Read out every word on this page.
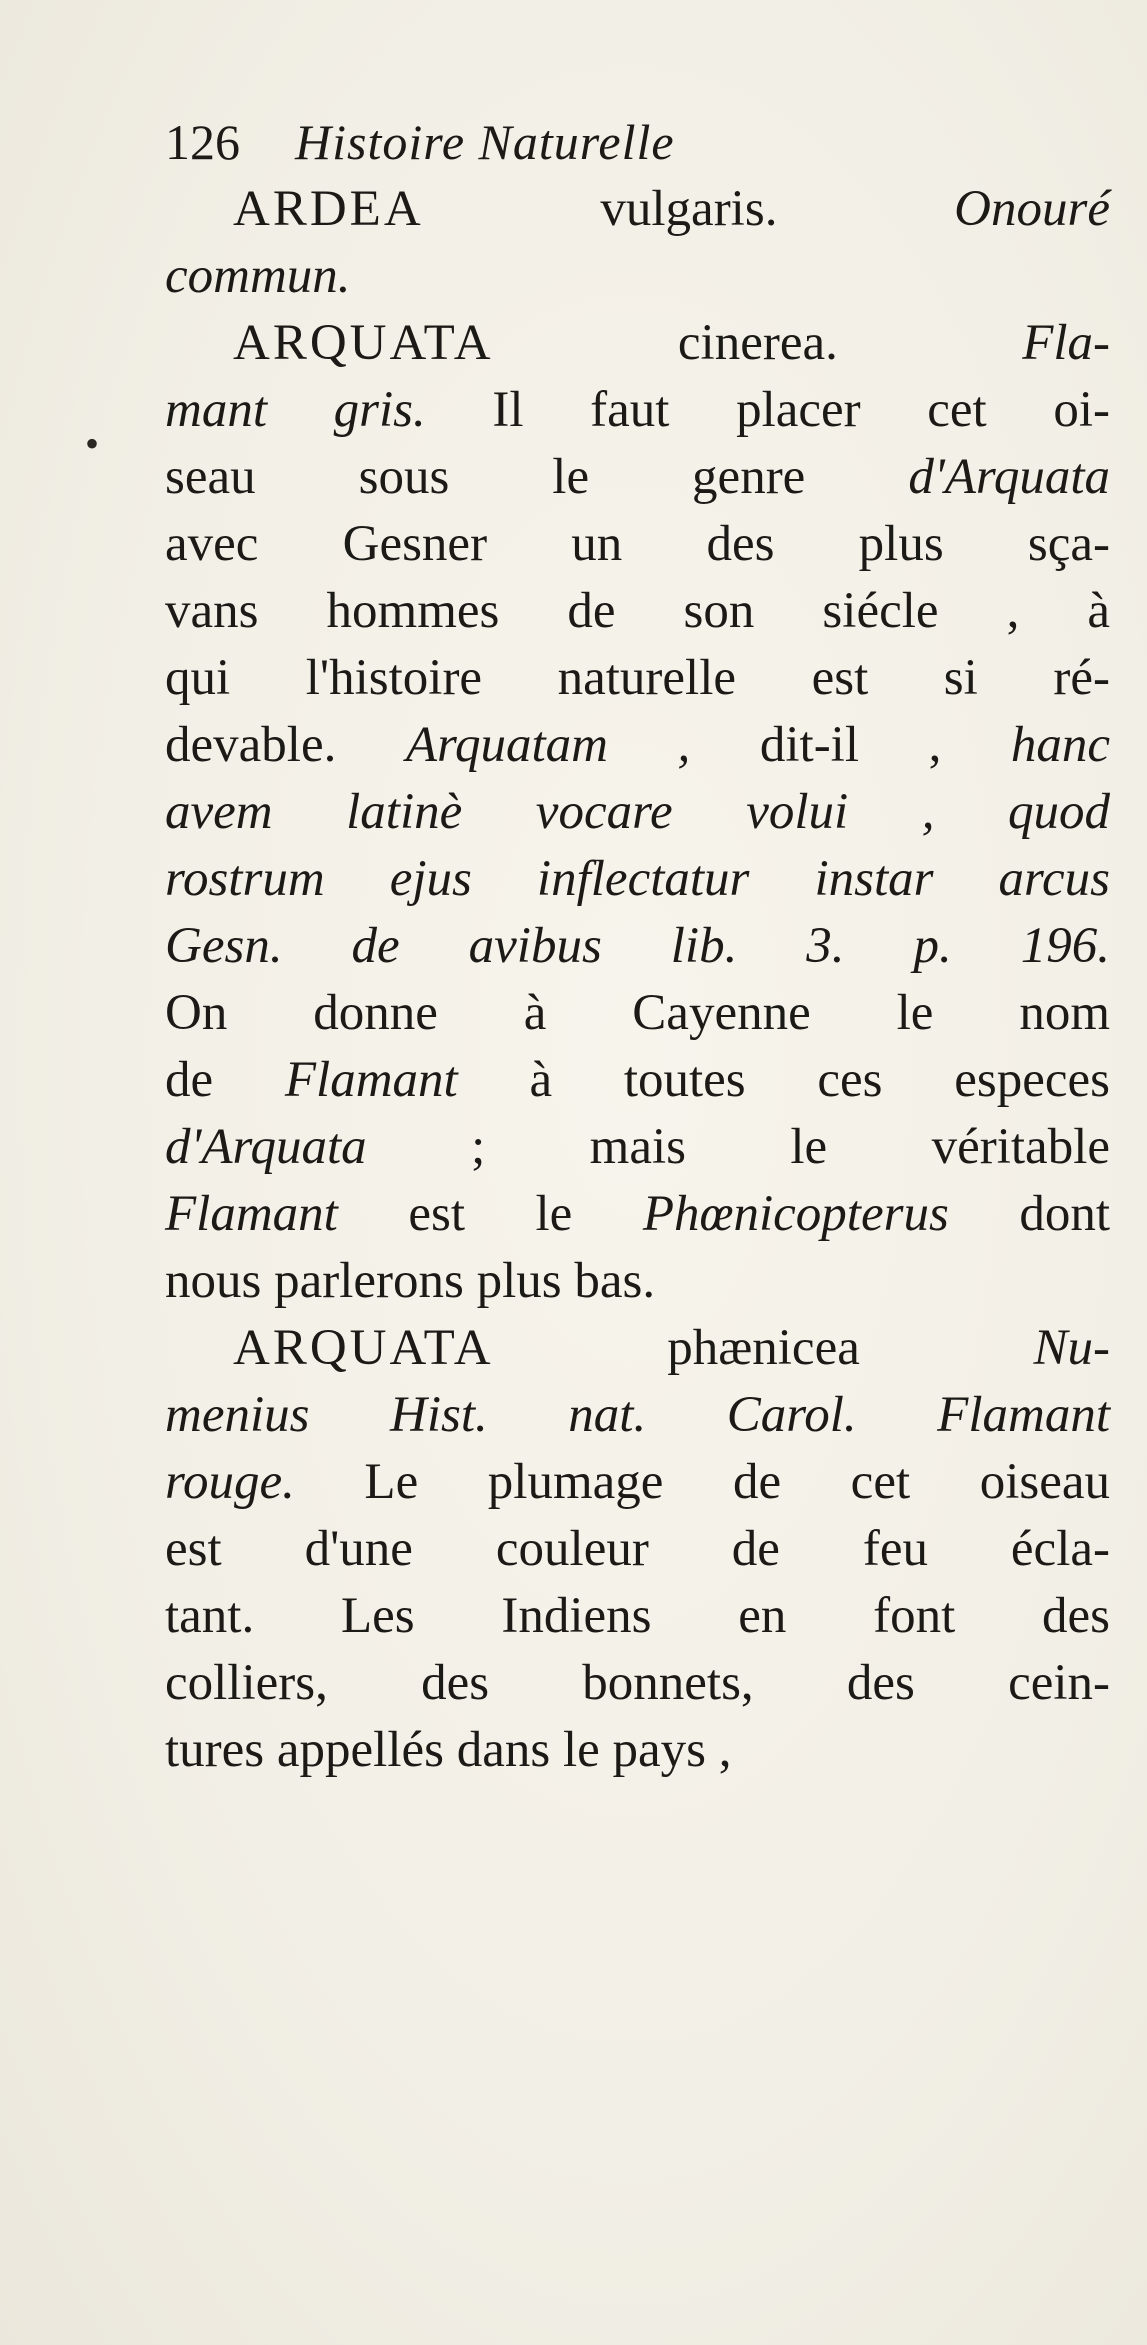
•
126 Histoire Naturelle
ARDEA vulgaris. Onouré
commun.
ARQUATA cinerea. Fla-
mant gris. Il faut placer cet oi-
seau sous le genre d'Arquata
avec Gesner un des plus sça-
vans hommes de son siécle , à
qui l'histoire naturelle est si ré-
devable. Arquatam , dit-il , hanc
avem latinè vocare volui , quod
rostrum ejus inflectatur instar arcus
Gesn. de avibus lib. 3. p. 196.
On donne à Cayenne le nom
de Flamant à toutes ces especes
d'Arquata ; mais le véritable
Flamant est le Phœnicopterus dont
nous parlerons plus bas.
ARQUATA phænicea Nu-
menius Hist. nat. Carol. Flamant
rouge. Le plumage de cet oiseau
est d'une couleur de feu écla-
tant. Les Indiens en font des
colliers, des bonnets, des cein-
tures appellés dans le pays ,
